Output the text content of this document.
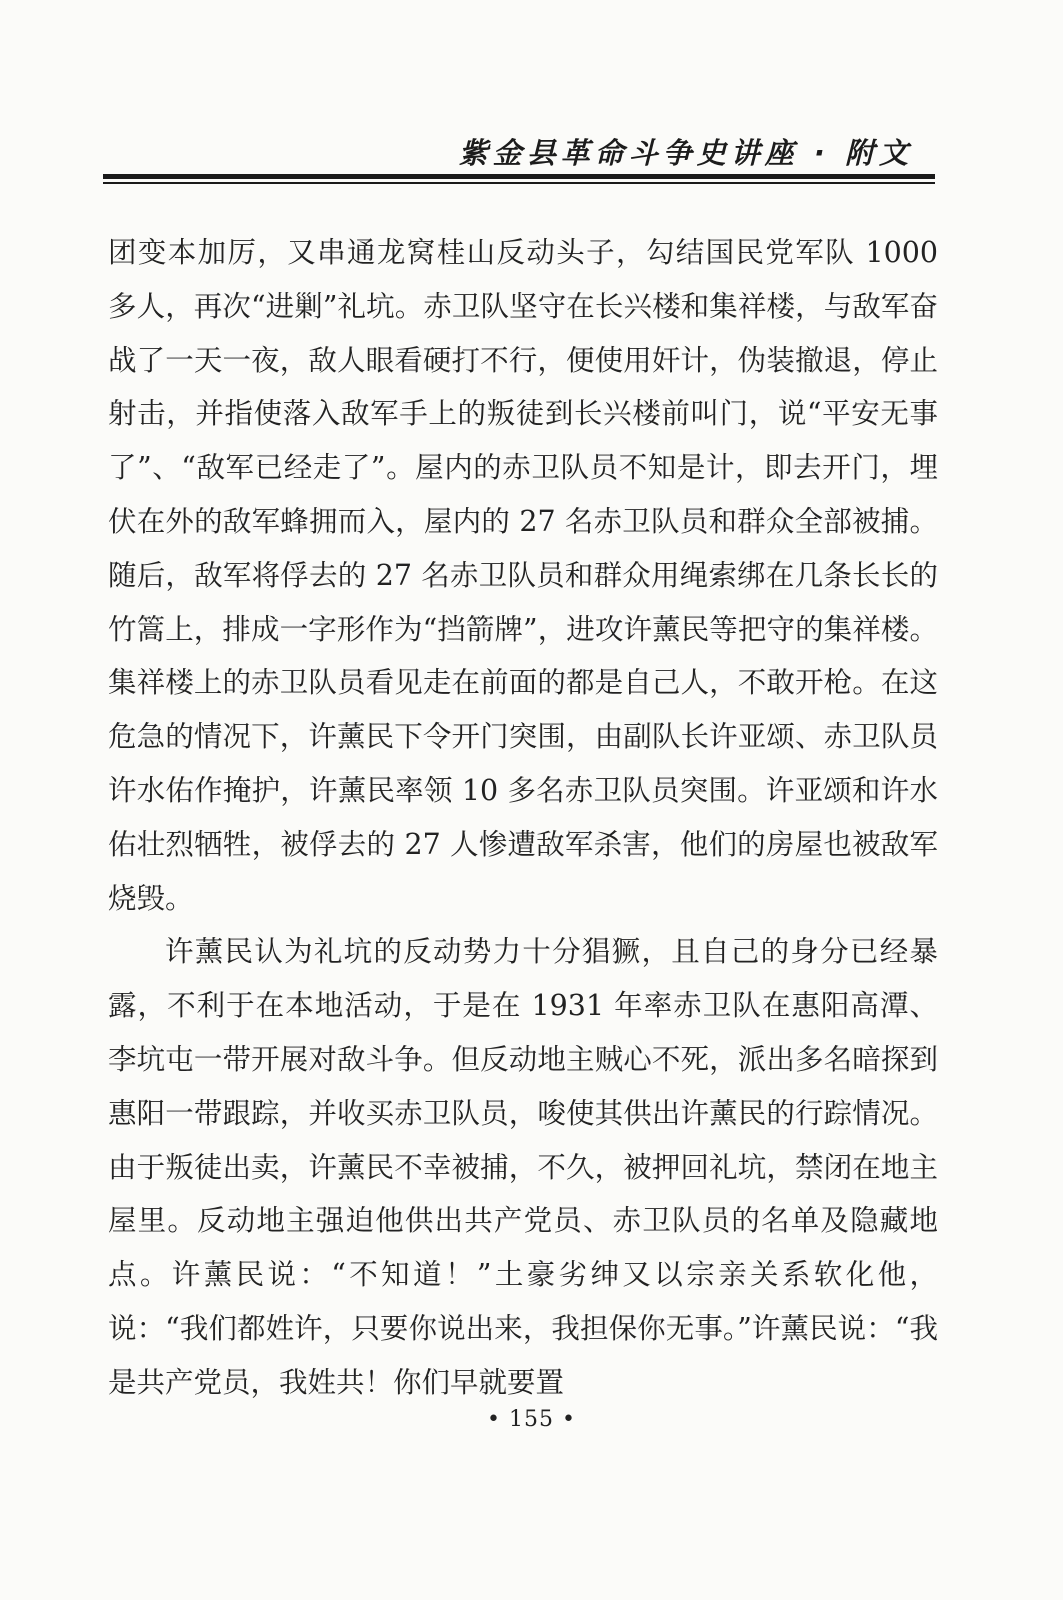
紫金县革命斗争史讲座 · 附文

团变本加厉，又串通龙窝桂山反动头子，勾结国民党军队 1000 多人，再次“进剿”礼坑。赤卫队坚守在长兴楼和集祥楼，与敌军奋战了一天一夜，敌人眼看硬打不行，便使用奸计，伪装撤退，停止射击，并指使落入敌军手上的叛徒到长兴楼前叫门，说“平安无事了”、“敌军已经走了”。屋内的赤卫队员不知是计，即去开门，埋伏在外的敌军蜂拥而入，屋内的 27 名赤卫队员和群众全部被捕。随后，敌军将俘去的 27 名赤卫队员和群众用绳索绑在几条长长的竹篙上，排成一字形作为“挡箭牌”，进攻许薰民等把守的集祥楼。集祥楼上的赤卫队员看见走在前面的都是自己人，不敢开枪。在这危急的情况下，许薰民下令开门突围，由副队长许亚颂、赤卫队员许水佑作掩护，许薰民率领 10 多名赤卫队员突围。许亚颂和许水佑壮烈牺牲，被俘去的 27 人惨遭敌军杀害，他们的房屋也被敌军烧毁。

许薰民认为礼坑的反动势力十分猖獗，且自己的身分已经暴露，不利于在本地活动，于是在 1931 年率赤卫队在惠阳高潭、李坑屯一带开展对敌斗争。但反动地主贼心不死，派出多名暗探到惠阳一带跟踪，并收买赤卫队员，唆使其供出许薰民的行踪情况。由于叛徒出卖，许薰民不幸被捕，不久，被押回礼坑，禁闭在地主屋里。反动地主强迫他供出共产党员、赤卫队员的名单及隐藏地点。许薰民说：“不知道！”土豪劣绅又以宗亲关系软化他，说：“我们都姓许，只要你说出来，我担保你无事。”许薰民说：“我是共产党员，我姓共！你们早就要置

• 155 •
